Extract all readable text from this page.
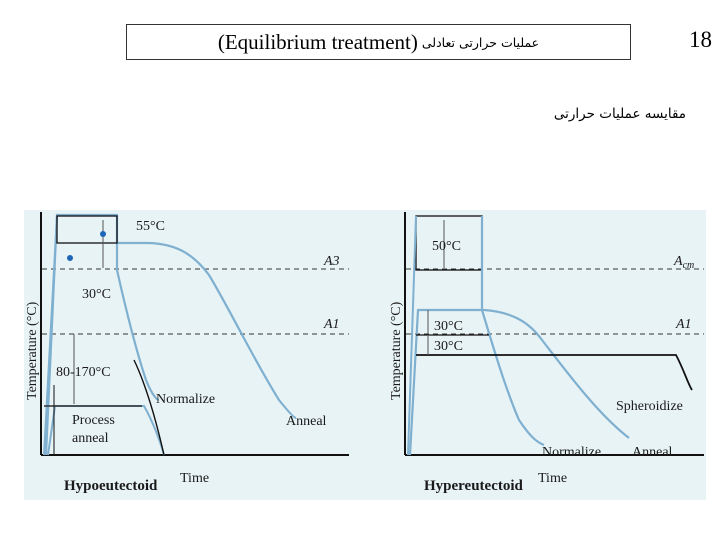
(Equilibrium treatment) عملیات حرارتی تعادلی	18
مقایسه عملیات حرارتی
55°C
30°C
80-170°C
A3
A1
Normalize
Anneal
Process anneal
Temperature (°C)
Time
Hypoeutectoid
50°C
30°C
30°C
$A_{cm}$
A1
Spheroidize
Normalize Anneal
Temperature (°C)
Time
Hypereutectoid
